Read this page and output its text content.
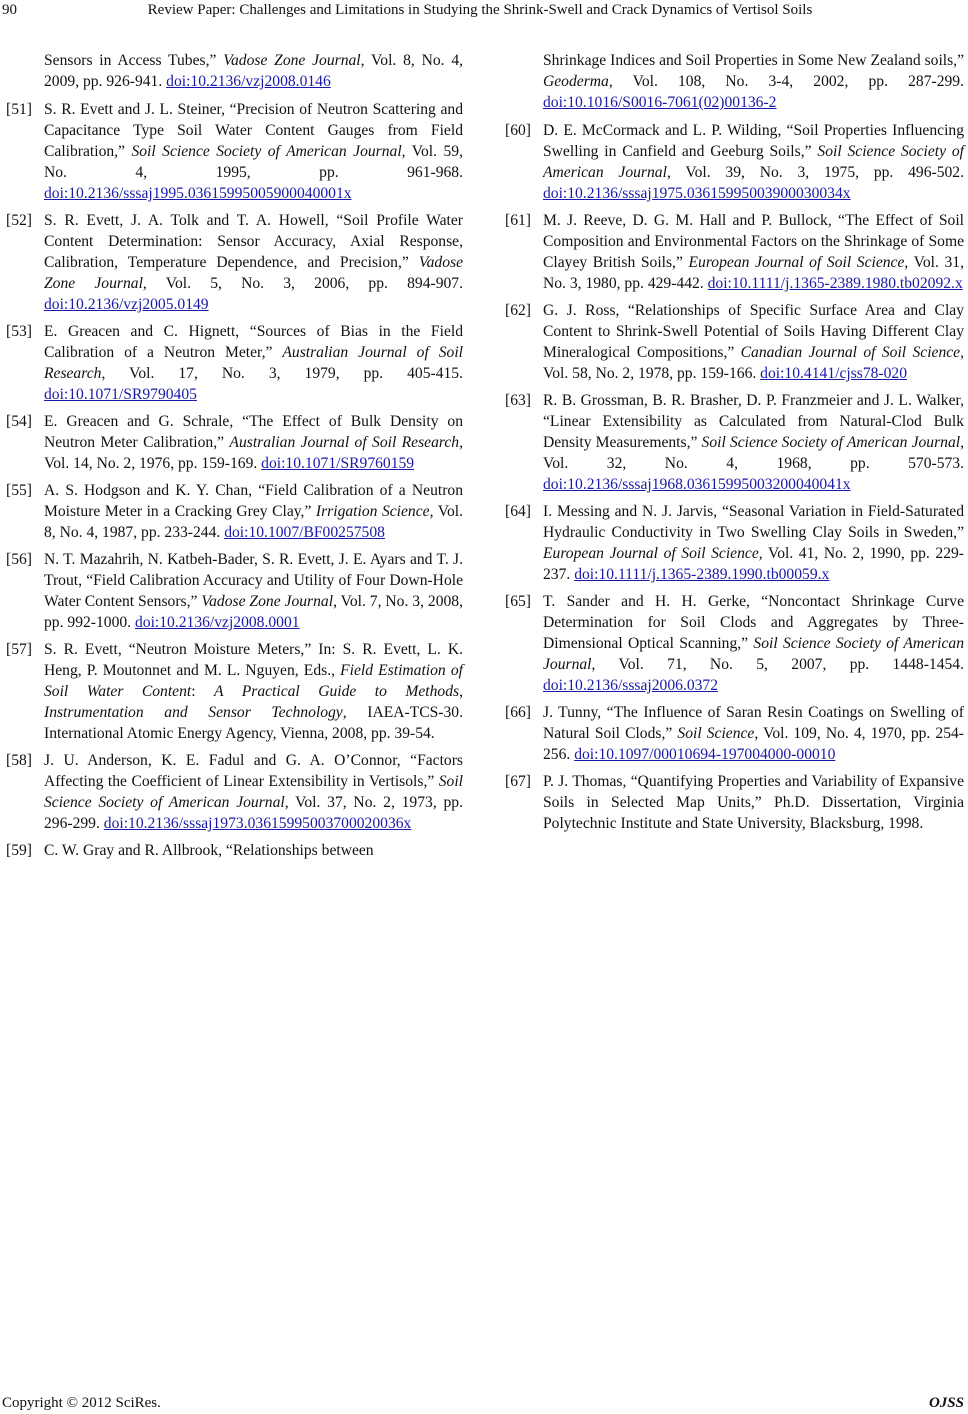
90	Review Paper: Challenges and Limitations in Studying the Shrink-Swell and Crack Dynamics of Vertisol Soils
Sensors in Access Tubes,” Vadose Zone Journal, Vol. 8, No. 4, 2009, pp. 926-941. doi:10.2136/vzj2008.0146
[51] S. R. Evett and J. L. Steiner, “Precision of Neutron Scattering and Capacitance Type Soil Water Content Gauges from Field Calibration,” Soil Science Society of American Journal, Vol. 59, No. 4, 1995, pp. 961-968. doi:10.2136/sssaj1995.03615995005900040001x
[52] S. R. Evett, J. A. Tolk and T. A. Howell, “Soil Profile Water Content Determination: Sensor Accuracy, Axial Response, Calibration, Temperature Dependence, and Precision,” Vadose Zone Journal, Vol. 5, No. 3, 2006, pp. 894-907. doi:10.2136/vzj2005.0149
[53] E. Greacen and C. Hignett, “Sources of Bias in the Field Calibration of a Neutron Meter,” Australian Journal of Soil Research, Vol. 17, No. 3, 1979, pp. 405-415. doi:10.1071/SR9790405
[54] E. Greacen and G. Schrale, “The Effect of Bulk Density on Neutron Meter Calibration,” Australian Journal of Soil Research, Vol. 14, No. 2, 1976, pp. 159-169. doi:10.1071/SR9760159
[55] A. S. Hodgson and K. Y. Chan, “Field Calibration of a Neutron Moisture Meter in a Cracking Grey Clay,” Irrigation Science, Vol. 8, No. 4, 1987, pp. 233-244. doi:10.1007/BF00257508
[56] N. T. Mazahrih, N. Katbeh-Bader, S. R. Evett, J. E. Ayars and T. J. Trout, “Field Calibration Accuracy and Utility of Four Down-Hole Water Content Sensors,” Vadose Zone Journal, Vol. 7, No. 3, 2008, pp. 992-1000. doi:10.2136/vzj2008.0001
[57] S. R. Evett, “Neutron Moisture Meters,” In: S. R. Evett, L. K. Heng, P. Moutonnet and M. L. Nguyen, Eds., Field Estimation of Soil Water Content: A Practical Guide to Methods, Instrumentation and Sensor Technology, IAEA-TCS-30. International Atomic Energy Agency, Vienna, 2008, pp. 39-54.
[58] J. U. Anderson, K. E. Fadul and G. A. O’Connor, “Factors Affecting the Coefficient of Linear Extensibility in Vertisols,” Soil Science Society of American Journal, Vol. 37, No. 2, 1973, pp. 296-299. doi:10.2136/sssaj1973.03615995003700020036x
[59] C. W. Gray and R. Allbrook, “Relationships between
Shrinkage Indices and Soil Properties in Some New Zealand soils,” Geoderma, Vol. 108, No. 3-4, 2002, pp. 287-299. doi:10.1016/S0016-7061(02)00136-2
[60] D. E. McCormack and L. P. Wilding, “Soil Properties Influencing Swelling in Canfield and Geeburg Soils,” Soil Science Society of American Journal, Vol. 39, No. 3, 1975, pp. 496-502. doi:10.2136/sssaj1975.03615995003900030034x
[61] M. J. Reeve, D. G. M. Hall and P. Bullock, “The Effect of Soil Composition and Environmental Factors on the Shrinkage of Some Clayey British Soils,” European Journal of Soil Science, Vol. 31, No. 3, 1980, pp. 429-442. doi:10.1111/j.1365-2389.1980.tb02092.x
[62] G. J. Ross, “Relationships of Specific Surface Area and Clay Content to Shrink-Swell Potential of Soils Having Different Clay Mineralogical Compositions,” Canadian Journal of Soil Science, Vol. 58, No. 2, 1978, pp. 159-166. doi:10.4141/cjss78-020
[63] R. B. Grossman, B. R. Brasher, D. P. Franzmeier and J. L. Walker, “Linear Extensibility as Calculated from Natural-Clod Bulk Density Measurements,” Soil Science Society of American Journal, Vol. 32, No. 4, 1968, pp. 570-573. doi:10.2136/sssaj1968.03615995003200040041x
[64] I. Messing and N. J. Jarvis, “Seasonal Variation in Field-Saturated Hydraulic Conductivity in Two Swelling Clay Soils in Sweden,” European Journal of Soil Science, Vol. 41, No. 2, 1990, pp. 229-237. doi:10.1111/j.1365-2389.1990.tb00059.x
[65] T. Sander and H. H. Gerke, “Noncontact Shrinkage Curve Determination for Soil Clods and Aggregates by Three-Dimensional Optical Scanning,” Soil Science Society of American Journal, Vol. 71, No. 5, 2007, pp. 1448-1454. doi:10.2136/sssaj2006.0372
[66] J. Tunny, “The Influence of Saran Resin Coatings on Swelling of Natural Soil Clods,” Soil Science, Vol. 109, No. 4, 1970, pp. 254-256. doi:10.1097/00010694-197004000-00010
[67] P. J. Thomas, “Quantifying Properties and Variability of Expansive Soils in Selected Map Units,” Ph.D. Dissertation, Virginia Polytechnic Institute and State University, Blacksburg, 1998.
Copyright © 2012 SciRes.	OJSS
